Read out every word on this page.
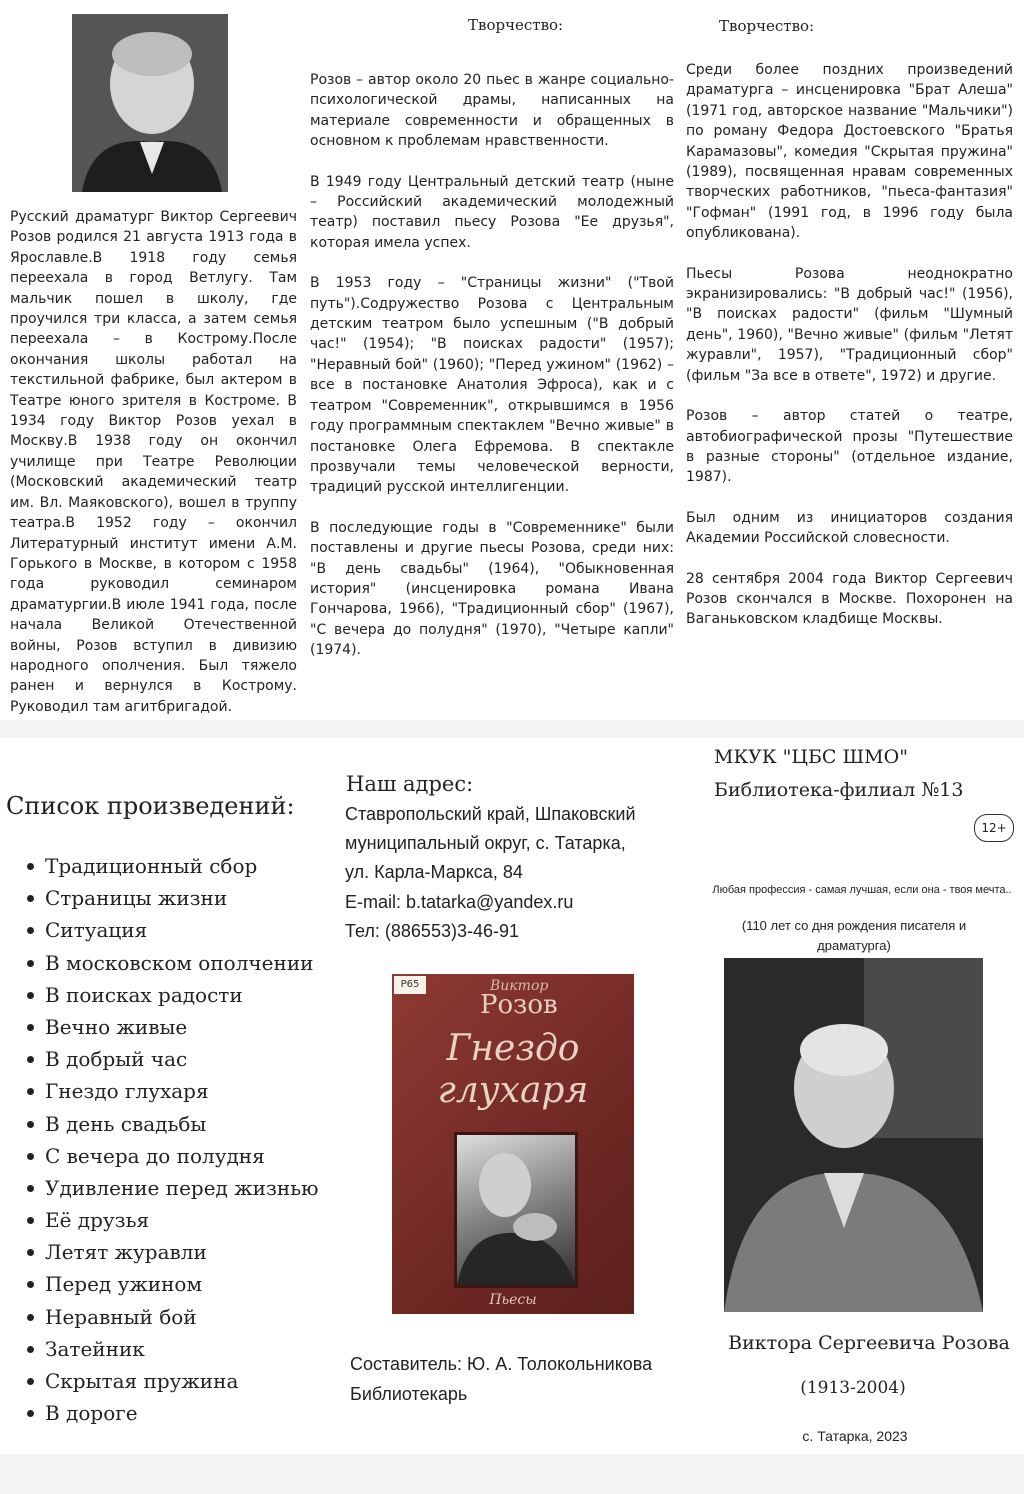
Русский драматург Виктор Сергеевич Розов родился 21 августа 1913 года в Ярославле.В 1918 году семья переехала в город Ветлугу. Там мальчик пошел в школу, где проучился три класса, а затем семья переехала – в Кострому.После окончания школы работал на текстильной фабрике, был актером в Театре юного зрителя в Костроме. В 1934 году Виктор Розов уехал в Москву.В 1938 году он окончил училище при Театре Революции (Московский академический театр им. Вл. Маяковского), вошел в труппу театра.В 1952 году – окончил Литературный институт имени А.М. Горького в Москве, в котором с 1958 года руководил семинаром драматургии.В июле 1941 года, после начала Великой Отечественной войны, Розов вступил в дивизию народного ополчения. Был тяжело ранен и вернулся в Кострому. Руководил там агитбригадой.
Творчество:

Розов – автор около 20 пьес в жанре социально-психологической драмы, написанных на материале современности и обращенных в основном к проблемам нравственности.

В 1949 году Центральный детский театр (ныне – Российский академический молодежный театр) поставил пьесу Розова "Ее друзья", которая имела успех.

В 1953 году – "Страницы жизни" ("Твой путь").Содружество Розова с Центральным детским театром было успешным ("В добрый час!" (1954); "В поисках радости" (1957); "Неравный бой" (1960); "Перед ужином" (1962) – все в постановке Анатолия Эфроса), как и с театром "Современник", открывшимся в 1956 году программным спектаклем "Вечно живые" в постановке Олега Ефремова. В спектакле прозвучали темы человеческой верности, традиций русской интеллигенции.

В последующие годы в "Современнике" были поставлены и другие пьесы Розова, среди них: "В день свадьбы" (1964), "Обыкновенная история" (инсценировка романа Ивана Гончарова, 1966), "Традиционный сбор" (1967), "С вечера до полудня" (1970), "Четыре капли" (1974).

Творчество:

Среди более поздних произведений драматурга – инсценировка "Брат Алеша" (1971 год, авторское название "Мальчики") по роману Федора Достоевского "Братья Карамазовы", комедия "Скрытая пружина" (1989), посвященная нравам современных творческих работников, "пьеса-фантазия" "Гофман" (1991 год, в 1996 году была опубликована).

Пьесы Розова неоднократно экранизировались: "В добрый час!" (1956), "В поисках радости" (фильм "Шумный день", 1960), "Вечно живые" (фильм "Летят журавли", 1957), "Традиционный сбор" (фильм "За все в ответе", 1972) и другие.

Розов – автор статей о театре, автобиографической прозы "Путешествие в разные стороны" (отдельное издание, 1987).

Был одним из инициаторов создания Академии Российской словесности.

28 сентября 2004 года Виктор Сергеевич Розов скончался в Москве. Похоронен на Ваганьковском кладбище Москвы.

Список произведений:
Традиционный сбор
Страницы жизни
Ситуация
В московском ополчении
В поисках радости
Вечно живые
В добрый час
Гнездо глухаря
В день свадьбы
С вечера до полудня
Удивление перед жизнью
Её друзья
Летят журавли
Перед ужином
Неравный бой
Затейник
Скрытая пружина
В дороге
Наш адрес:
Ставропольский край, Шпаковский
муниципальный округ, с. Татарка,
ул. Карла-Маркса, 84
E-mail: b.tatarka@yandex.ru
Тел: (886553)3-46-91
Р65	Виктор
Розов
Гнездо
глухаря
Пьесы
Составитель: Ю. А. Толокольникова
Библиотекарь
МКУК "ЦБС ШМО"
Библиотека-филиал №13
12+
Любая профессия - самая лучшая, если она - твоя мечта..
(110 лет со дня рождения писателя и драматурга)
Виктора Сергеевича Розова
(1913-2004)
с. Татарка, 2023
